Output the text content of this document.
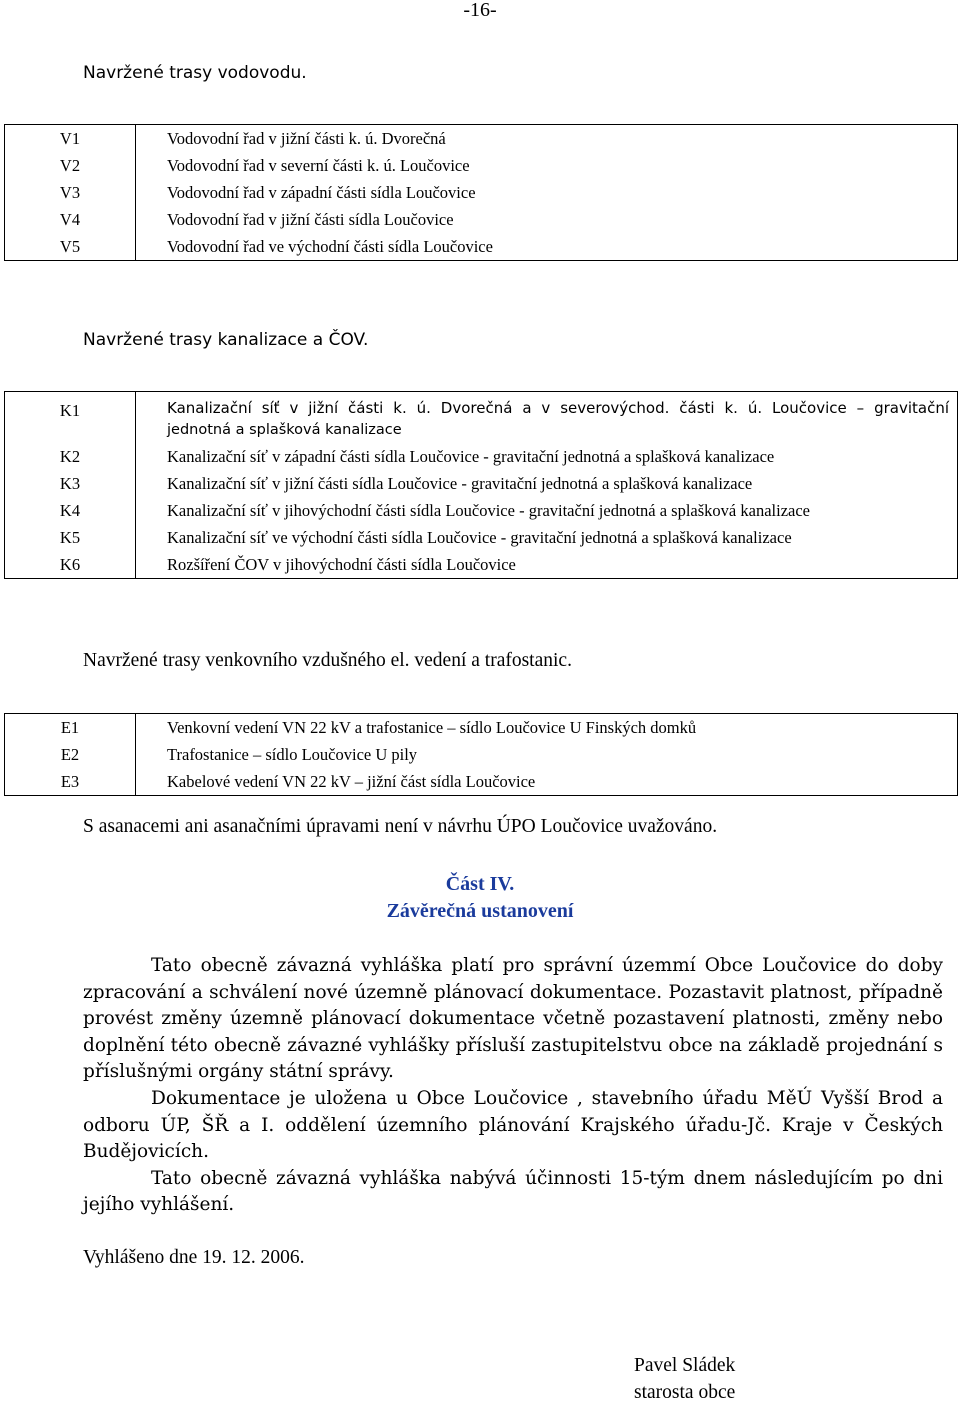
-16-
Navržené trasy vodovodu.
V1	Vodovodní řad v jižní části k. ú. Dvorečná
V2	Vodovodní řad v severní části k. ú. Loučovice
V3	Vodovodní řad v západní části sídla Loučovice
V4	Vodovodní řad v jižní části sídla Loučovice
V5	Vodovodní řad ve východní části sídla Loučovice
Navržené trasy kanalizace a ČOV.
K1	Kanalizační síť v jižní části k. ú. Dvorečná a v severovýchod. části k. ú. Loučovice – gravitační
jednotná a splašková kanalizace

K2	Kanalizační síť v západní části sídla Loučovice - gravitační jednotná a splašková kanalizace
K3	Kanalizační síť v jižní části sídla Loučovice - gravitační jednotná a splašková kanalizace
K4	Kanalizační síť v jihovýchodní části sídla Loučovice - gravitační jednotná a splašková kanalizace
K5	Kanalizační síť ve východní části sídla Loučovice - gravitační jednotná a splašková kanalizace
K6	Rozšíření ČOV v jihovýchodní části sídla Loučovice
Navržené trasy venkovního vzdušného el. vedení a trafostanic.
E1	Venkovní vedení VN 22 kV a trafostanice – sídlo Loučovice U Finských domků
E2	Trafostanice – sídlo Loučovice U pily
E3	Kabelové vedení VN 22 kV – jižní část sídla Loučovice
S asanacemi ani asanačními úpravami není v návrhu ÚPO Loučovice uvažováno.
Část IV.
Závěrečná ustanovení

Tato obecně závazná vyhláška platí pro správní územmí Obce Loučovice do doby zpracování a schválení nové územně plánovací dokumentace. Pozastavit platnost, případně provést změny územně plánovací dokumentace včetně pozastavení platnosti, změny nebo doplnění této obecně závazné vyhlášky přísluší zastupitelstvu obce na základě projednání s příslušnými orgány státní správy.

Dokumentace je uložena u Obce Loučovice , stavebního úřadu MěÚ Vyšší Brod a odboru ÚP, ŠŘ a I. oddělení územního plánování Krajského úřadu-Jč. Kraje v Českých Budějovicích.

Tato obecně závazná vyhláška nabývá účinnosti 15-tým dnem následujícím po dni jejího vyhlášení.

Vyhlášeno dne 19. 12. 2006.
Pavel Sládek
starosta obce
